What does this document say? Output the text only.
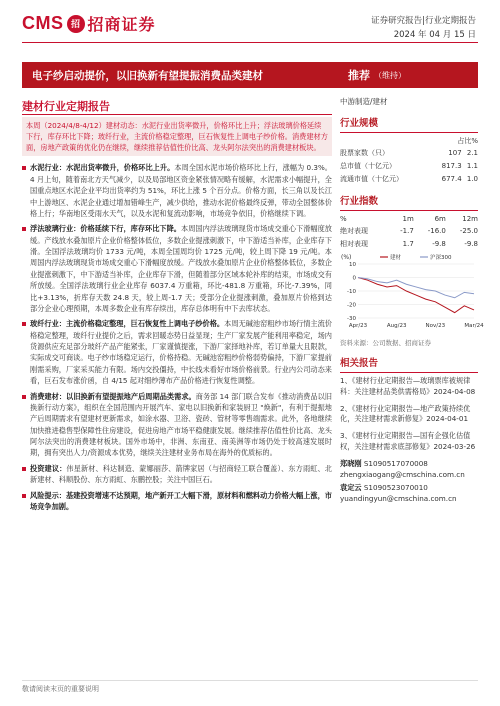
CMS 招 招商证券	证券研究报告|行业定期报告
2024 年 04 月 15 日
电子纱启动提价，以旧换新有望提振消费品类建材	推荐 （维持）
建材行业定期报告
本周（2024/4/8-4/12）建材动态：水泥行业出货率微升，价格环比上升；浮法玻璃价格延续下行，库存环比下降；玻纤行业，主流价格稳定整理，巨石恢复性上调电子纱价格。消费建材方面，房地产政策的优化仍在继续，继续推荐估值性价比高、龙头阿尔法突出的消费建材板块。
水泥行业：水泥出货率微升，价格环比上升。本周全国水泥市场价格环比上行，涨幅为 0.3%。4 月上旬，随着南北方天气减少，以及局部地区资金紧张情况略有缓解，水泥需求小幅提升，全国重点地区水泥企业平均出货率约为 51%，环比上涨 5 个百分点。价格方面，长三角以及长江中上游地区、水泥企业通过增加错峰生产，减少供给，推动水泥价格最终反弹，带动全国整体价格上行；华南地区受雨水天气，以及水泥和复流动影响，市场竞争依旧，价格继续下调。
浮法玻璃行业：价格延续下行，库存环比下降。本周国内浮法玻璃现货市场成交重心下滑幅度放缓。产线放水叠加原片企业价格整体低位，多数企业提涨刺激下，中下游适当补库，企业库存下滑。全国浮法玻璃均价 1733 元/吨，本周全国周均价 1725 元/吨，较上周下降 19 元/吨。本周国内浮法玻璃现货市场成交重心下滑幅度放缓。产线放水叠加原片企业价格整体低位，多数企业提涨刺激下，中下游适当补库，企业库存下滑，但随着部分区域本轮补库的结束，市场成交有所放缓。全国浮法玻璃行业企业库存 6037.4 万重箱，环比-481.8 万重箱，环比-7.39%，同比+3.13%，折库存天数 24.8 天，较上周-1.7 天；受部分企业提涨刺激，叠加原片价格到达部分企业心理预期，本周多数企业有库存续出，库存总体明有中下去库状态。
玻纤行业：主流价格稳定整理，巨石恢复性上调电子纱价格。本周无碱池窑粗纱市场行情主流价格稳定整理，玻纤行业提价之后，需求回暖态势日益显现；生产厂家发展产能利用率稳定，场内货源供应充足部分玻纤产品产能紧张，厂家谨慎提涨，下游厂家择地补库，若订单量大且限款，实际成交可商谈。电子纱市场稳定运行，价格持稳。无碱池窑粗纱价格弱势偏持，下游厂家提前刚需采购，厂家采买能力有限。场内交投僵持，中长线未看好市场价格前景。行业内公司动态来看，巨石发布涨价函，自 4/15 起对细纱薄布产品价格进行恢复性调整。
消费建材：以旧换新有望提振地产后周期品类需求。商务部 14 部门联合发布《推动消费品以旧换新行动方案》，组织在全国范围内开展汽车、家电以旧换新和家装厨卫 "焕新"，有利于提振地产后周期需求有望建材更新需求，如涂水器、卫浴、瓷砖、管材等零售端需求。此外，各地继续加快推进稳售型保障性住房建设，促进房地产市场平稳健康发展。继续推荐估值性价比高、龙头阿尔法突出的消费建材板块。国外市场中，非洲、东南亚、南美洲等市场仍处于较高速发展时期，拥有突出人力/资源成本优势，继续关注建材业务布局在海外的优质标的。
投资建议：伟星新材、科达制造、蒙娜丽莎、箭牌家居（与招商轻工联合覆盖）、东方雨虹、北新建材、科顺股份、东方雨虹、东鹏控股；关注中国巨石。
风险提示：基建投资增速不达预期，地产新开工大幅下滑，原材料和燃料动力价格大幅上涨，市场竞争加剧。
中游制造/建材
行业规模
占比%
股票家数（只）	107	2.1
总市值（十亿元）	817.3	1.1
流通市值（十亿元）	677.4	1.0
行业指数
%	1m	6m	12m
绝对表现	-1.7	-16.0	-25.0
相对表现	1.7	-9.8	-9.8
(%)	建材	沪深300
10
0
-10
-20
-30
Apr/23	Aug/23	Nov/23	Mar/24
资料来源：公司数据、招商证券
相关报告
1、《建材行业定期报告—玻璃票库被规律科：关注建材品类供需格局》2024-04-08
2、《建材行业定期报告—地产政策持续优化，关注建材需求新修复》2024-04-01
3、《建材行业定期报告—国有企强化估值权，关注建材需求底部修复》2024-03-26
郑晓刚 S1090517070008
zhengxiaogang@cmschina.com.cn
袁定云 S1090523070010
yuandingyun@cmschina.com.cn
敬请阅读末页的重要说明
